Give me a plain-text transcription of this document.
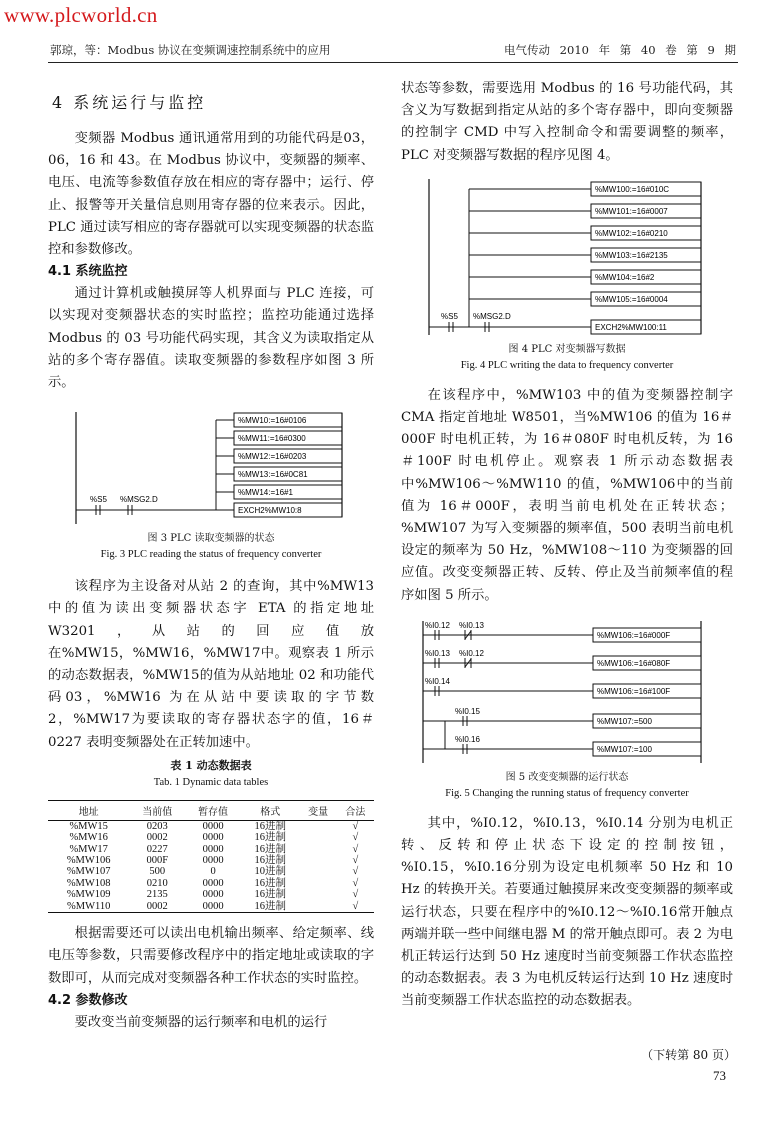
www.plcworld.cn
郭琼，等：Modbus 协议在变频调速控制系统中的应用	电气传动 2010 年 第 40 卷 第 9 期
4 系统运行与监控

变频器 Modbus 通讯通常用到的功能代码是03，06，16 和 43。在 Modbus 协议中，变频器的频率、电压、电流等参数值存放在相应的寄存器中；运行、停止、报警等开关量信息则用寄存器的位来表示。因此，PLC 通过读写相应的寄存器就可以实现变频器的状态监控和参数修改。

4.1 系统监控

通过计算机或触摸屏等人机界面与 PLC 连接，可以实现对变频器状态的实时监控；监控功能通过选择 Modbus 的 03 号功能代码实现，其含义为读取指定从站的多个寄存器值。读取变频器的参数程序如图 3 所示。

%MW10:=16#0106
%MW11:=16#0300
%MW12:=16#0203
%MW13:=16#0C81
%MW14:=16#1
EXCH2%MW10:8
%S5 %MSG2.D
图 3 PLC 读取变频器的状态
Fig. 3 PLC reading the status of frequency converter

该程序为主设备对从站 2 的查询，其中%MW13中的值为读出变频器状态字 ETA 的指定地址 W3201，从站的回应值放在%MW15，%MW16，%MW17中。观察表 1 所示的动态数据表，%MW15的值为从站地址 02 和功能代码03，%MW16 为在从站中要读取的字节数 2，%MW17为要读取的寄存器状态字的值，16＃0227 表明变频器处在正转加速中。

表 1 动态数据表
Tab. 1 Dynamic data tables
地址	当前值	暂存值	格式	变量	合法
%MW15	0203	0000	16进制		√
%MW16	0002	0000	16进制		√
%MW17	0227	0000	16进制		√
%MW106	000F	0000	16进制		√
%MW107	500	0	10进制		√
%MW108	0210	0000	16进制		√
%MW109	2135	0000	16进制		√
%MW110	0002	0000	16进制		√

根据需要还可以读出电机输出频率、给定频率、线电压等参数，只需要修改程序中的指定地址或读取的字数即可，从而完成对变频器各种工作状态的实时监控。

4.2 参数修改

要改变当前变频器的运行频率和电机的运行

状态等参数，需要选用 Modbus 的 16 号功能代码，其含义为写数据到指定从站的多个寄存器中，即向变频器的控制字 CMD 中写入控制命令和需要调整的频率，PLC 对变频器写数据的程序见图 4。

%MW100:=16#010C
%MW101:=16#0007
%MW102:=16#0210
%MW103:=16#2135
%MW104:=16#2
%MW105:=16#0004
EXCH2%MW100:11
%S5 %MSG2.D
图 4 PLC 对变频器写数据
Fig. 4 PLC writing the data to frequency converter

在该程序中，%MW103 中的值为变频器控制字 CMA 指定首地址 W8501，当%MW106 的值为 16＃000F 时电机正转，为 16＃080F 时电机反转，为 16＃100F 时电机停止。观察表 1 所示动态数据表中%MW106～%MW110 的值，%MW106中的当前值为 16＃000F，表明当前电机处在正转状态；%MW107 为写入变频器的频率值，500 表明当前电机设定的频率为 50 Hz，%MW108～110 为变频器的回应值。改变变频器正转、反转、停止及当前频率值的程序如图 5 所示。

%I0.12 %I0.13
%MW106:=16#000F
%I0.13 %I0.12
%MW106:=16#080F
%I0.14
%MW106:=16#100F
%I0.15
%MW107:=500
%I0.16
%MW107:=100
图 5 改变变频器的运行状态
Fig. 5 Changing the running status of frequency converter

其中，%I0.12，%I0.13，%I0.14 分别为电机正转、反转和停止状态下设定的控制按钮，%I0.15，%I0.16分别为设定电机频率 50 Hz 和 10 Hz 的转换开关。若要通过触摸屏来改变变频器的频率或运行状态，只要在程序中的%I0.12～%I0.16常开触点两端并联一些中间继电器 M 的常开触点即可。表 2 为电机正转运行达到 50 Hz 速度时当前变频器工作状态监控的动态数据表。表 3 为电机反转运行达到 10 Hz 速度时当前变频器工作状态监控的动态数据表。

（下转第 80 页）
73
